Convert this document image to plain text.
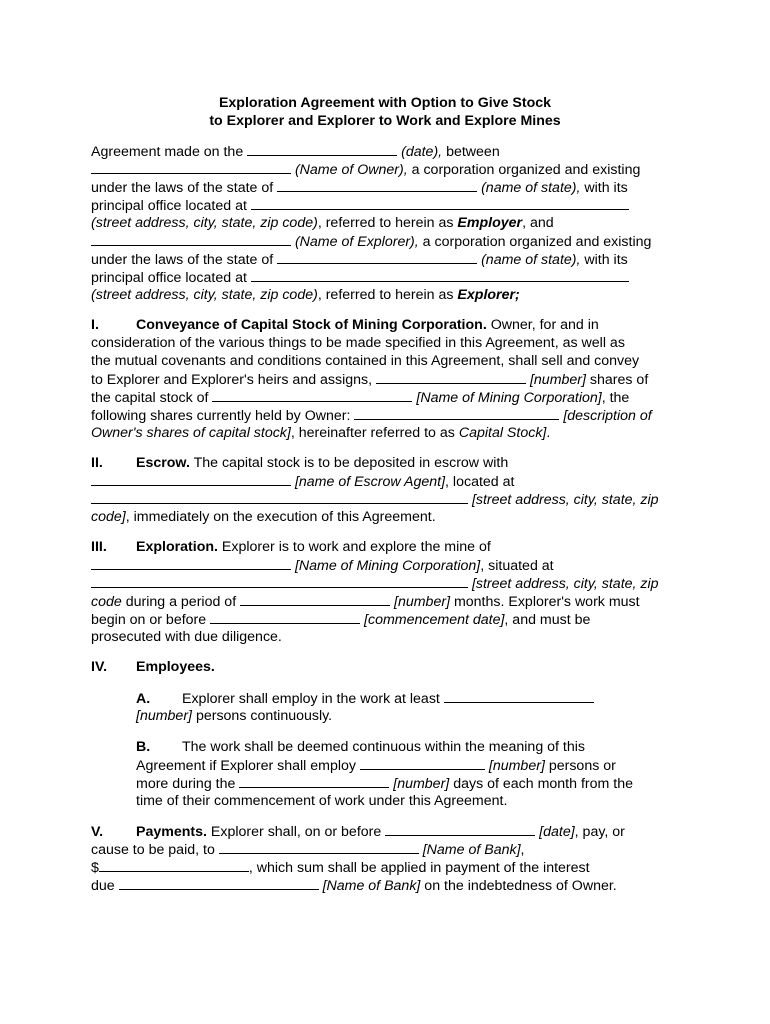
Exploration Agreement with Option to Give Stock
to Explorer and Explorer to Work and Explore Mines
Agreement made on the	(date), between
(Name of Owner), a corporation organized and existing
under the laws of the state of	(name of state), with its
principal office located at
(street address, city, state, zip code), referred to herein as Employer, and
(Name of Explorer), a corporation organized and existing
under the laws of the state of	(name of state), with its
principal office located at
(street address, city, state, zip code), referred to herein as Explorer;
I.	Conveyance of Capital Stock of Mining Corporation. Owner, for and in
consideration of the various things to be made specified in this Agreement, as well as
the mutual covenants and conditions contained in this Agreement, shall sell and convey
to Explorer and Explorer's heirs and assigns,	[number] shares of
the capital stock of	[Name of Mining Corporation], the
following shares currently held by Owner:	[description of
Owner's shares of capital stock], hereinafter referred to as Capital Stock].
II. Escrow. The capital stock is to be deposited in escrow with
[name of Escrow Agent], located at
[street address, city, state, zip
code], immediately on the execution of this Agreement.
III. Exploration. Explorer is to work and explore the mine of
[Name of Mining Corporation], situated at
[street address, city, state, zip
code during a period of	[number] months. Explorer's work must
begin on or before	[commencement date], and must be
prosecuted with due diligence.
IV. Employees.
A. Explorer shall employ in the work at least
[number] persons continuously.
B. The work shall be deemed continuous within the meaning of this
Agreement if Explorer shall employ	[number] persons or
more during the	[number] days of each month from the
time of their commencement of work under this Agreement.
V. Payments. Explorer shall, on or before	[date], pay, or
cause to be paid, to	[Name of Bank],
$	, which sum shall be applied in payment of the interest
due	[Name of Bank] on the indebtedness of Owner.
